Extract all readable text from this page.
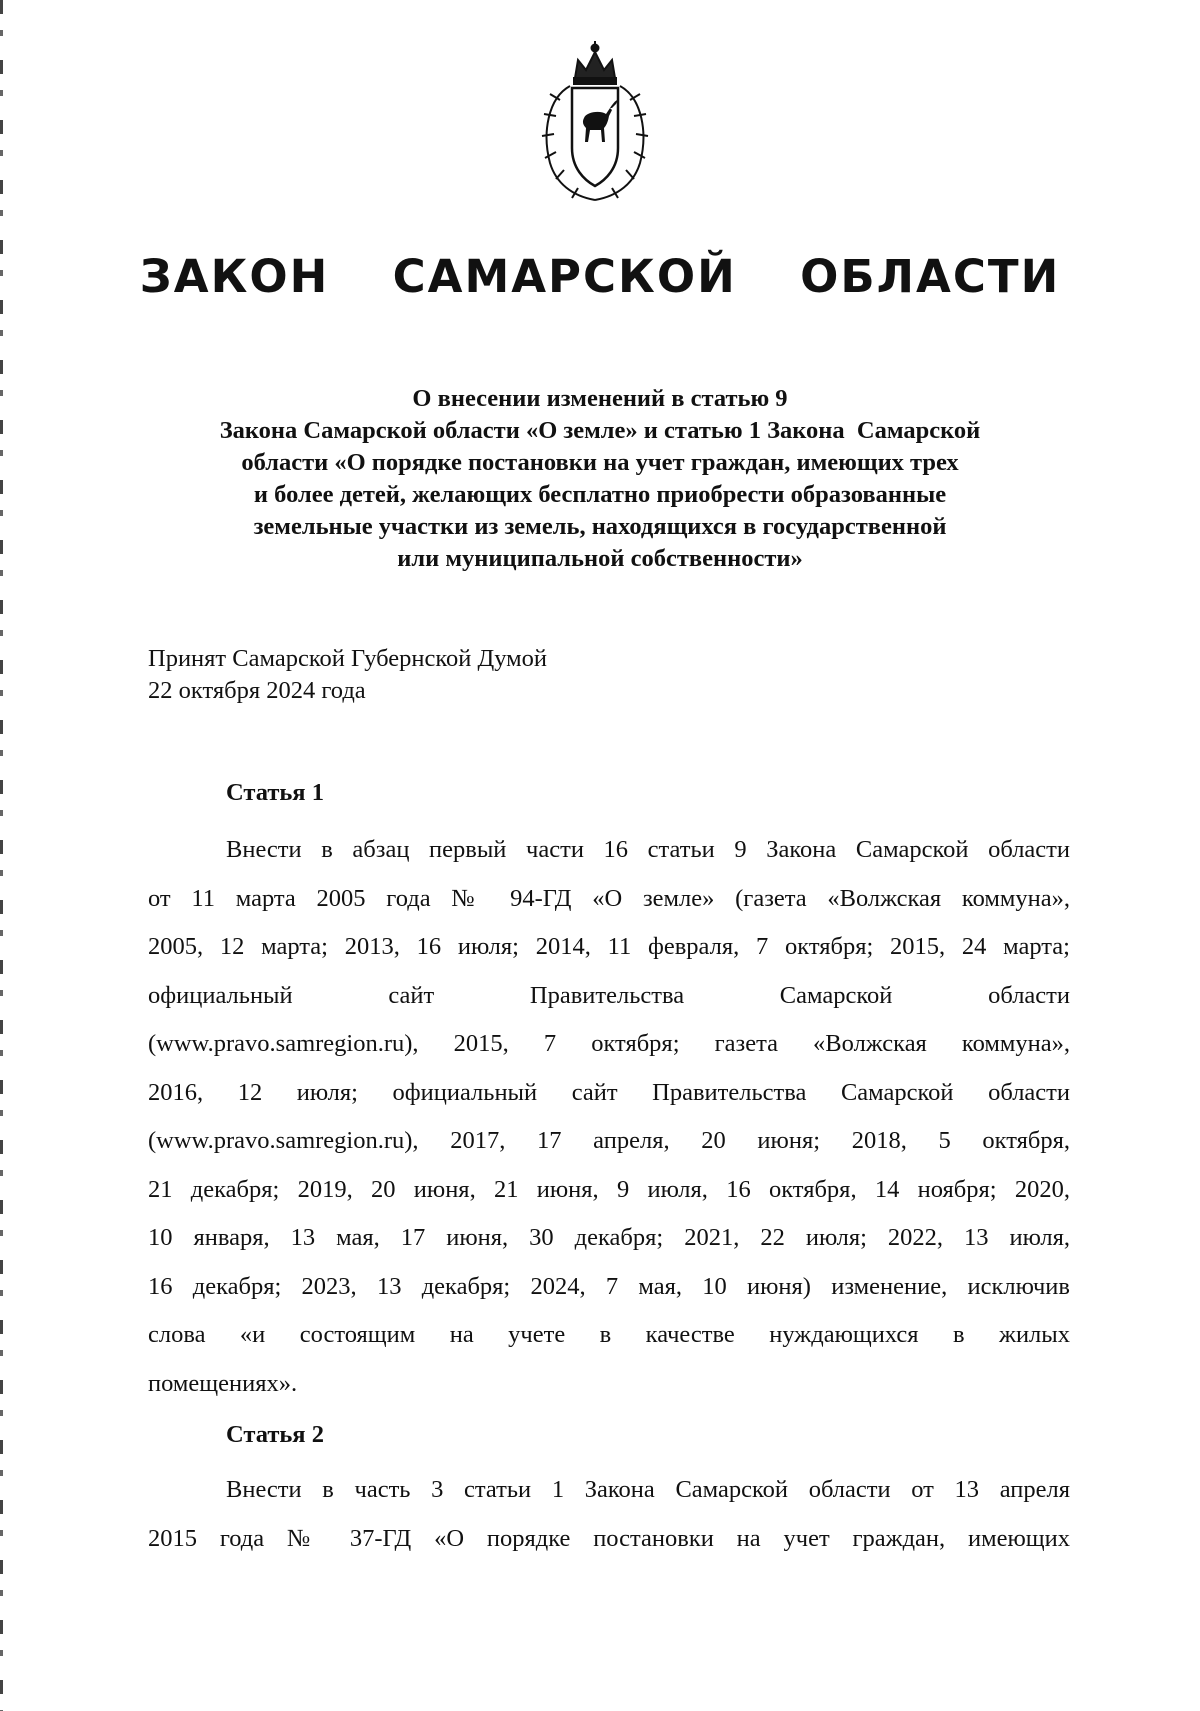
ЗАКОН  САМАРСКОЙ  ОБЛАСТИ
О внесении изменений в статью 9
Закона Самарской области «О земле» и статью 1 Закона  Самарской
области «О порядке постановки на учет граждан, имеющих трех
и более детей, желающих бесплатно приобрести образованные
земельные участки из земель, находящихся в государственной
или муниципальной собственности»
Принят Самарской Губернской Думой
22 октября 2024 года
Статья 1
Внести в абзац первый части 16 статьи 9 Закона Самарской области
от 11 марта 2005 года № 94-ГД «О земле» (газета «Волжская коммуна»,
2005, 12 марта; 2013, 16 июля; 2014, 11 февраля, 7 октября; 2015, 24 марта;
официальный сайт Правительства Самарской области
(www.pravo.samregion.ru), 2015, 7 октября; газета «Волжская коммуна»,
2016, 12 июля; официальный сайт Правительства Самарской области
(www.pravo.samregion.ru), 2017, 17 апреля, 20 июня; 2018, 5 октября,
21 декабря; 2019, 20 июня, 21 июня, 9 июля, 16 октября, 14 ноября; 2020,
10 января, 13 мая, 17 июня, 30 декабря; 2021, 22 июля; 2022, 13 июля,
16 декабря; 2023, 13 декабря; 2024, 7 мая, 10 июня) изменение, исключив
слова «и состоящим на учете в качестве нуждающихся в жилых
помещениях».
Статья 2
Внести в часть 3 статьи 1 Закона Самарской области от 13 апреля
2015 года № 37-ГД «О порядке постановки на учет граждан, имеющих
